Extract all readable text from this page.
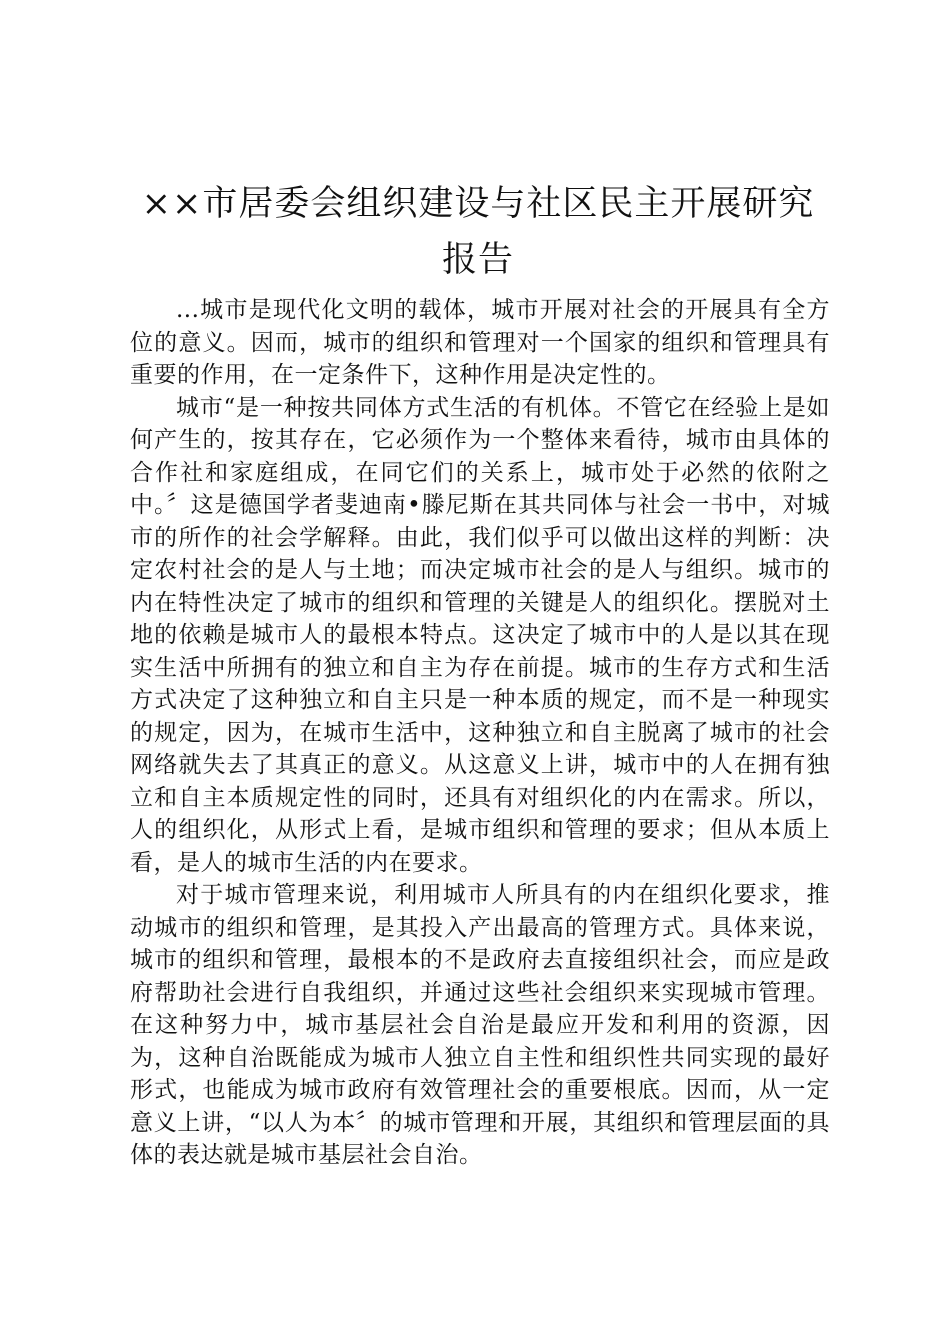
××市居委会组织建设与社区民主开展研究报告

...城市是现代化文明的载体，城市开展对社会的开展具有全方位的意义。因而，城市的组织和管理对一个国家的组织和管理具有重要的作用，在一定条件下，这种作用是决定性的。

城市“是一种按共同体方式生活的有机体。不管它在经验上是如何产生的，按其存在，它必须作为一个整体来看待，城市由具体的合作社和家庭组成，在同它们的关系上，城市处于必然的依附之中。〞这是德国学者斐迪南•滕尼斯在其共同体与社会一书中，对城市的所作的社会学解释。由此，我们似乎可以做出这样的判断：决定农村社会的是人与土地；而决定城市社会的是人与组织。城市的内在特性决定了城市的组织和管理的关键是人的组织化。摆脱对土地的依赖是城市人的最根本特点。这决定了城市中的人是以其在现实生活中所拥有的独立和自主为存在前提。城市的生存方式和生活方式决定了这种独立和自主只是一种本质的规定，而不是一种现实的规定，因为，在城市生活中，这种独立和自主脱离了城市的社会网络就失去了其真正的意义。从这意义上讲，城市中的人在拥有独立和自主本质规定性的同时，还具有对组织化的内在需求。所以，人的组织化，从形式上看，是城市组织和管理的要求；但从本质上看，是人的城市生活的内在要求。

对于城市管理来说，利用城市人所具有的内在组织化要求，推动城市的组织和管理，是其投入产出最高的管理方式。具体来说，城市的组织和管理，最根本的不是政府去直接组织社会，而应是政府帮助社会进行自我组织，并通过这些社会组织来实现城市管理。在这种努力中，城市基层社会自治是最应开发和利用的资源，因为，这种自治既能成为城市人独立自主性和组织性共同实现的最好形式，也能成为城市政府有效管理社会的重要根底。因而，从一定意义上讲，“以人为本〞的城市管理和开展，其组织和管理层面的具体的表达就是城市基层社会自治。
